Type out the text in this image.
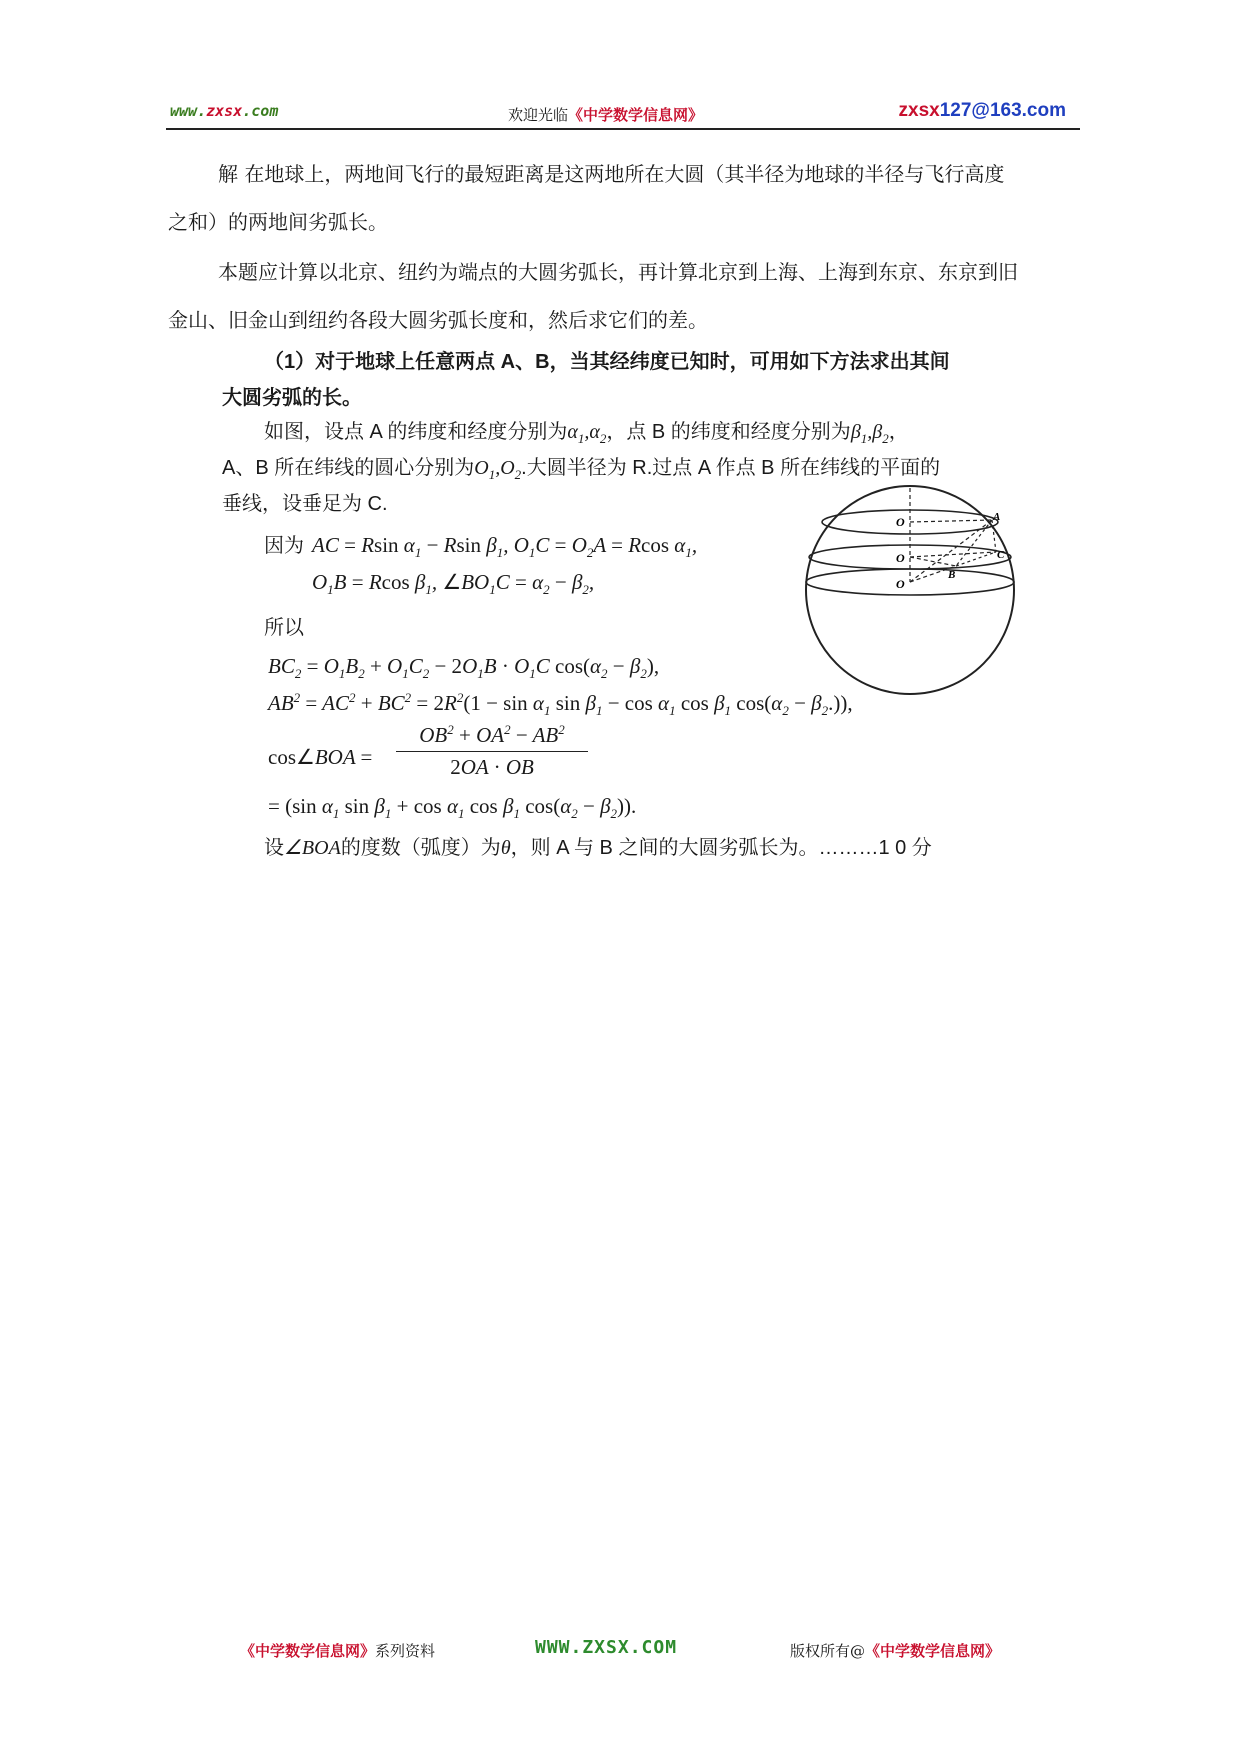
www.zxsx.com	欢迎光临《中学数学信息网》	zxsx127@163.com
解 在地球上，两地间飞行的最短距离是这两地所在大圆（其半径为地球的半径与飞行高度
之和）的两地间劣弧长。
本题应计算以北京、纽约为端点的大圆劣弧长，再计算北京到上海、上海到东京、东京到旧
金山、旧金山到纽约各段大圆劣弧长度和，然后求它们的差。
（1）对于地球上任意两点 A、B，当其经纬度已知时，可用如下方法求出其间
大圆劣弧的长。
如图，设点 A 的纬度和经度分别为$\alpha_1,\alpha_2$，点 B 的纬度和经度分别为$\beta_1,\beta_2$，
A、B 所在纬线的圆心分别为$O_1,O_2$.大圆半径为 R.过点 A 作点 B 所在纬线的平面的
垂线，设垂足为 C.
因为 AC = Rsin $\alpha_1 - Rsin$ $\beta_1$, $O_1C = O_2A = Rcos$ $\alpha_1$,
$O_1B = Rcos$ $\beta_1$, $\angle BO_1C = \alpha_2 - \beta_2$,
所以
$BC_2 = O_1B_2 + O_1C_2 - 2O_1B \cdot O_1C$ $\cos(\alpha_2 - \beta_2)$,
$AB^2 = AC^2 + BC^2 = 2R^2(1 - \sin \alpha_1$ $\sin \beta_1 - \cos \alpha_1$ $\cos \beta_1$ $\cos(\alpha_2 - \beta_2.)$),
cos∠BOA =
$OB^2 + OA^2 - AB^2$
2OA · OB
= (sin $\alpha_1$ $\sin \beta_1 + \cos \alpha_1$ $\cos \beta_1$ $\cos(\alpha_2 - \beta_2)$).
设∠BOA的度数（弧度）为θ，则 A 与 B 之间的大圆劣弧长为。………1 0 分
O
O
O
A
B
C
《中学数学信息网》系列资料	WWW.ZXSX.COM	版权所有@《中学数学信息网》
